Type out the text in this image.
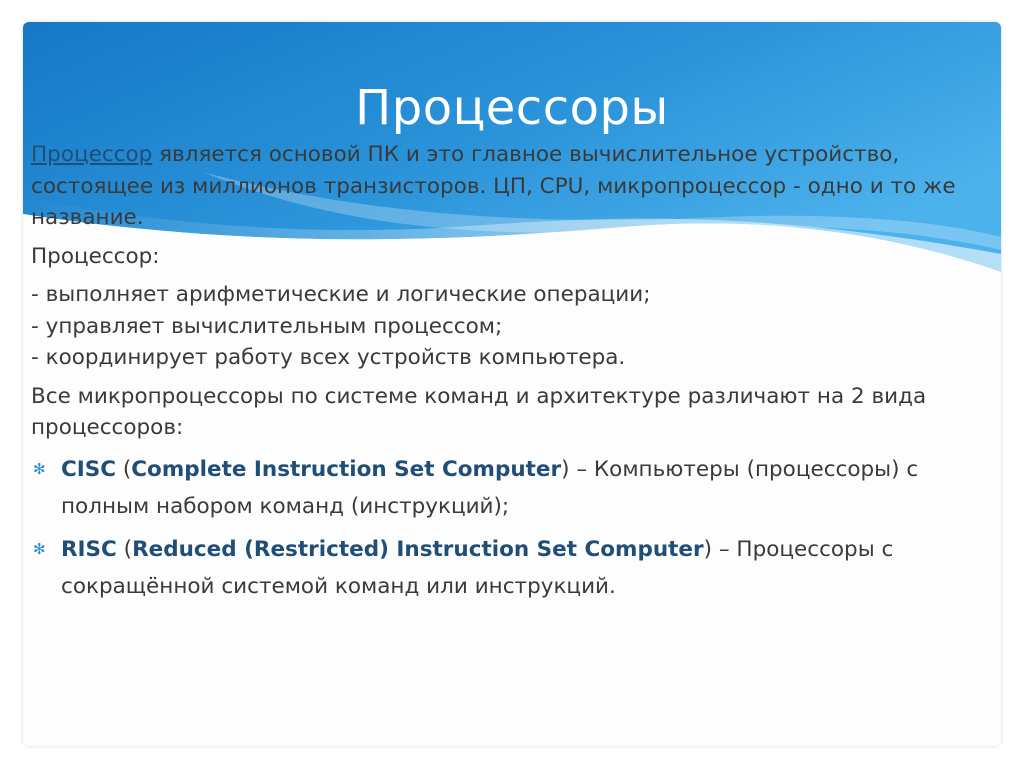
Процессоры

Процессор является основой ПК и это главное вычислительное устройство, состоящее из миллионов транзисторов. ЦП, CPU, микропроцессор - одно и то же название.

Процессор:

- выполняет арифметические и логические операции;

- управляет вычислительным процессом;

- координирует работу всех устройств компьютера.

Все микропроцессоры по системе команд и архитектуре различают на 2 вида процессоров:

✻ CISC (Complete Instruction Set Computer) – Компьютеры (процессоры) с полным набором команд (инструкций);
✻ RISC (Reduced (Restricted) Instruction Set Computer) – Процессоры с сокращённой системой команд или инструкций.
